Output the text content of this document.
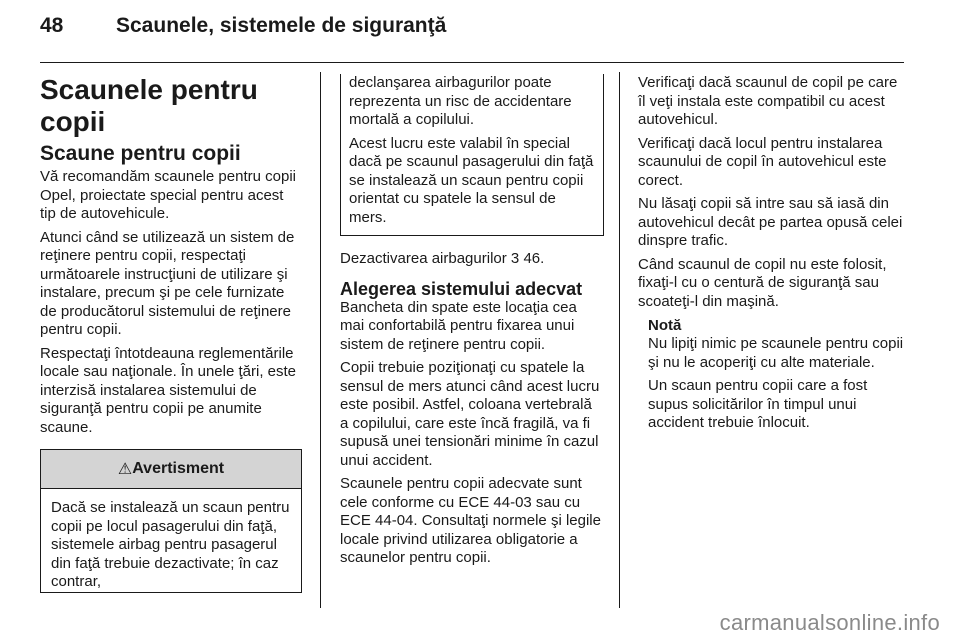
48	Scaunele, sistemele de siguranţă
Scaunele pentru copii
Scaune pentru copii

Vă recomandăm scaunele pentru copii Opel, proiectate special pentru acest tip de autovehicule.

Atunci când se utilizează un sistem de reţinere pentru copii, respectaţi următoarele instrucţiuni de utilizare şi instalare, precum şi pe cele furnizate de producătorul sistemului de reţinere pentru copii.

Respectaţi întotdeauna reglementările locale sau naţionale. În unele ţări, este interzisă instalarea sistemului de siguranţă pentru copii pe anumite scaune.

⚠ Avertisment

Dacă se instalează un scaun pentru copii pe locul pasagerului din faţă, sistemele airbag pentru pasagerul din faţă trebuie dezactivate; în caz contrar,

declanşarea airbagurilor poate reprezenta un risc de accidentare mortală a copilului.

Acest lucru este valabil în special dacă pe scaunul pasagerului din faţă se instalează un scaun pentru copii orientat cu spatele la sensul de mers.

Dezactivarea airbagurilor 3 46.

Alegerea sistemului adecvat

Bancheta din spate este locaţia cea mai confortabilă pentru fixarea unui sistem de reţinere pentru copii.

Copii trebuie poziţionaţi cu spatele la sensul de mers atunci când acest lucru este posibil. Astfel, coloana vertebrală a copilului, care este încă fragilă, va fi supusă unei tensionări minime în cazul unui accident.

Scaunele pentru copii adecvate sunt cele conforme cu ECE 44-03 sau cu ECE 44-04. Consultaţi normele şi legile locale privind utilizarea obligatorie a scaunelor pentru copii.

Verificaţi dacă scaunul de copil pe care îl veţi instala este compatibil cu acest autovehicul.

Verificaţi dacă locul pentru instalarea scaunului de copil în autovehicul este corect.

Nu lăsaţi copii să intre sau să iasă din autovehicul decât pe partea opusă celei dinspre trafic.

Când scaunul de copil nu este folosit, fixaţi-l cu o centură de siguranţă sau scoateţi-l din maşină.

Notă

Nu lipiţi nimic pe scaunele pentru copii şi nu le acoperiţi cu alte materiale.

Un scaun pentru copii care a fost supus solicitărilor în timpul unui accident trebuie înlocuit.

carmanualsonline.info
